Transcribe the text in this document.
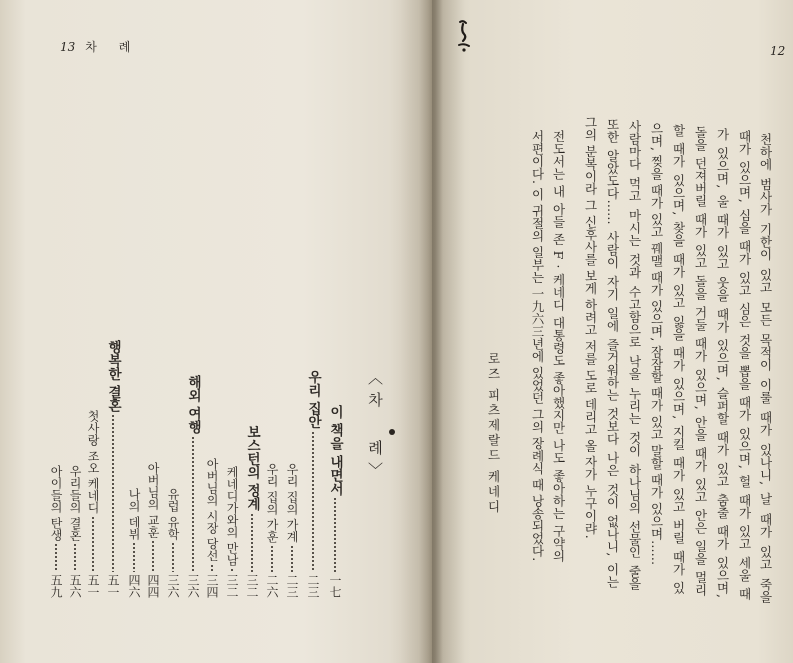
13 차 례	12
천하에 범사가 기한이 있고 모든 목적이 이룰 때가 있나니, 날 때가 있고 죽을
때가 있으며, 심을 때가 있고 심은 것을 뽑을 때가 있으며, 헐 때가 있고 세울 때
가 있으며, 울 때가 있고 웃을 때가 있으며, 슬퍼할 때가 있고 춤출 때가 있으며,
돌을 던져버릴 때가 있고 돌을 거둘 때가 있으며, 안을 때가 있고 안은 일을 멀리
할 때가 있으며, 찾을 때가 있고 잃을 때가 있으며, 지킬 때가 있고 버릴 때가 있
으며, 찢을 때가 있고 꿰맬 때가 있으며, 잠잠할 때가 있고 말할 때가 있으며……
사람마다 먹고 마시는 것과 수고함으로 낙을 누리는 것이 하나님의 선물인 줄을
또한 알았도다…… 사람이 자기 일에 즐거워하는 것보다 나은 것이 없나니, 이는
그의 분복이라 그 신후사를 보게 하려고 저를 도로 데리고 올 자가 누구이랴.
전도서는 내 아들 존 F · 케네디 대통령도 좋아했지만 나도 좋아하는 구약의
서편이다. 이 귀절의 일부는 一九六三년에 있었던 그의 장례식 때 낭송되었다.
로즈 피츠제랄드 케네디
〈차 례〉
이 책을 내면서
一七
우리 집안
二三
우리 집의 가계
二三
우리 집의 가훈
二六
보스턴의 정계
三二
케네디가와의 만남
三二
아버님의 시장 당선
三四
해외 여행
三六
유럽 유학
三六
아버님의 교훈
四四
나의 데뷔
四六
행복한 결혼
五一
첫사랑 조오 케네디
五一
우리들의 결혼
五六
아이들의 탄생
五九
